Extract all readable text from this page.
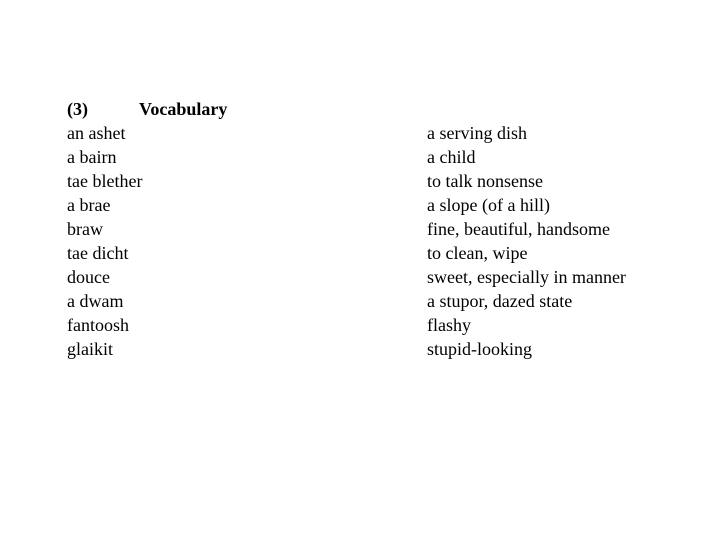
(3)	Vocabulary
an ashet
a bairn
tae blether
a brae
braw
tae dicht
douce
a dwam
fantoosh
glaikit
a serving dish
a child
to talk nonsense
a slope (of a hill)
fine, beautiful, handsome
to clean, wipe
sweet, especially in manner
a stupor, dazed state
flashy
stupid-looking
